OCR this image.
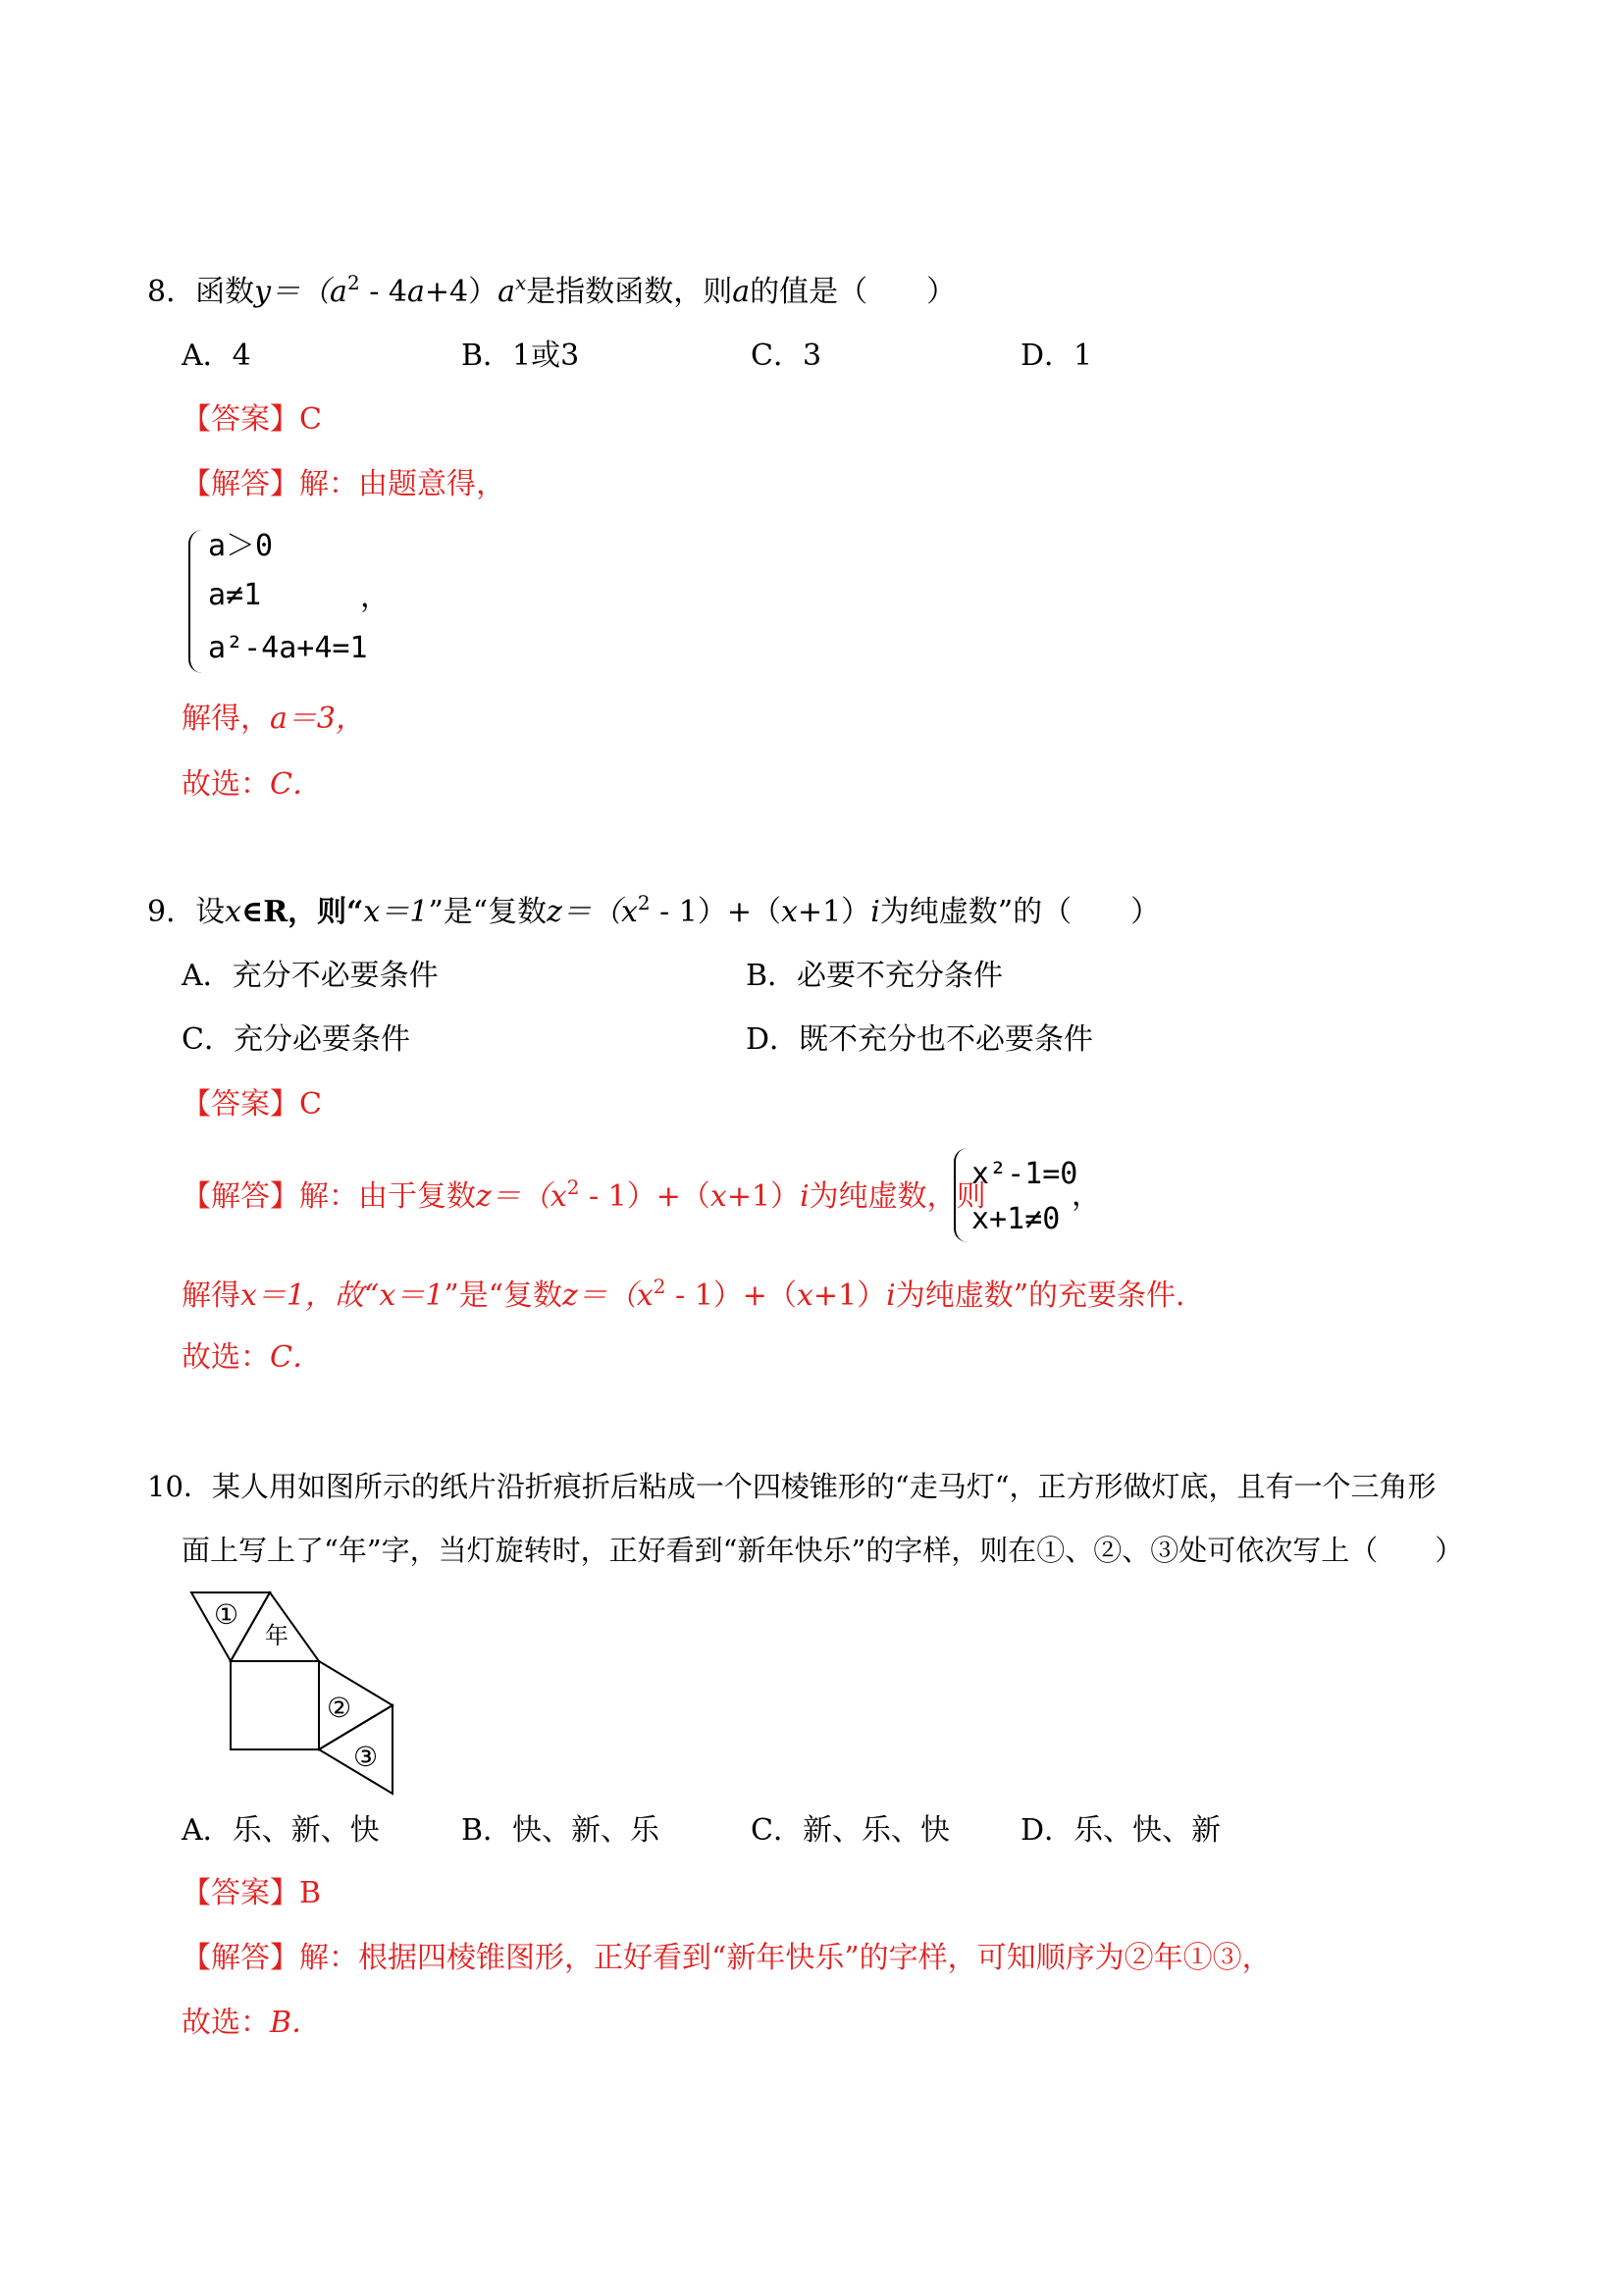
8．函数$y=(a^2 - 4a+4)a^x$是指数函数，则a的值是（　　）
A．4	B．1或3	C．3	D．1
【答案】C
【解答】解：由题意得，
a＞0
a≠1
a²-4a+4=1
，
解得，a＝3，
故选：C．
9．设x∈R，则“x＝1”是“复数$z=(x^2 - 1)+(x+1)i$为纯虚数”的（　　）
A．充分不必要条件	B．必要不充分条件
C．充分必要条件	D．既不充分也不必要条件
【答案】C
【解答】解：由于复数$z=(x^2 - 1)+(x+1)i$为纯虚数，则
x²-1=0
x+1≠0
，
解得x＝1，故“x＝1”是“复数$z=(x^2 - 1)+(x+1)i$为纯虚数”的充要条件．
故选：C．
10．某人用如图所示的纸片沿折痕折后粘成一个四棱锥形的“走马灯“，正方形做灯底，且有一个三角形
面上写上了“年”字，当灯旋转时，正好看到“新年快乐”的字样，则在①、②、③处可依次写上（　　）
①
年
②
③
A．乐、新、快	B．快、新、乐	C．新、乐、快 D．乐、快、新
【答案】B
【解答】解：根据四棱锥图形，正好看到“新年快乐”的字样，可知顺序为②年①③，
故选：B．
